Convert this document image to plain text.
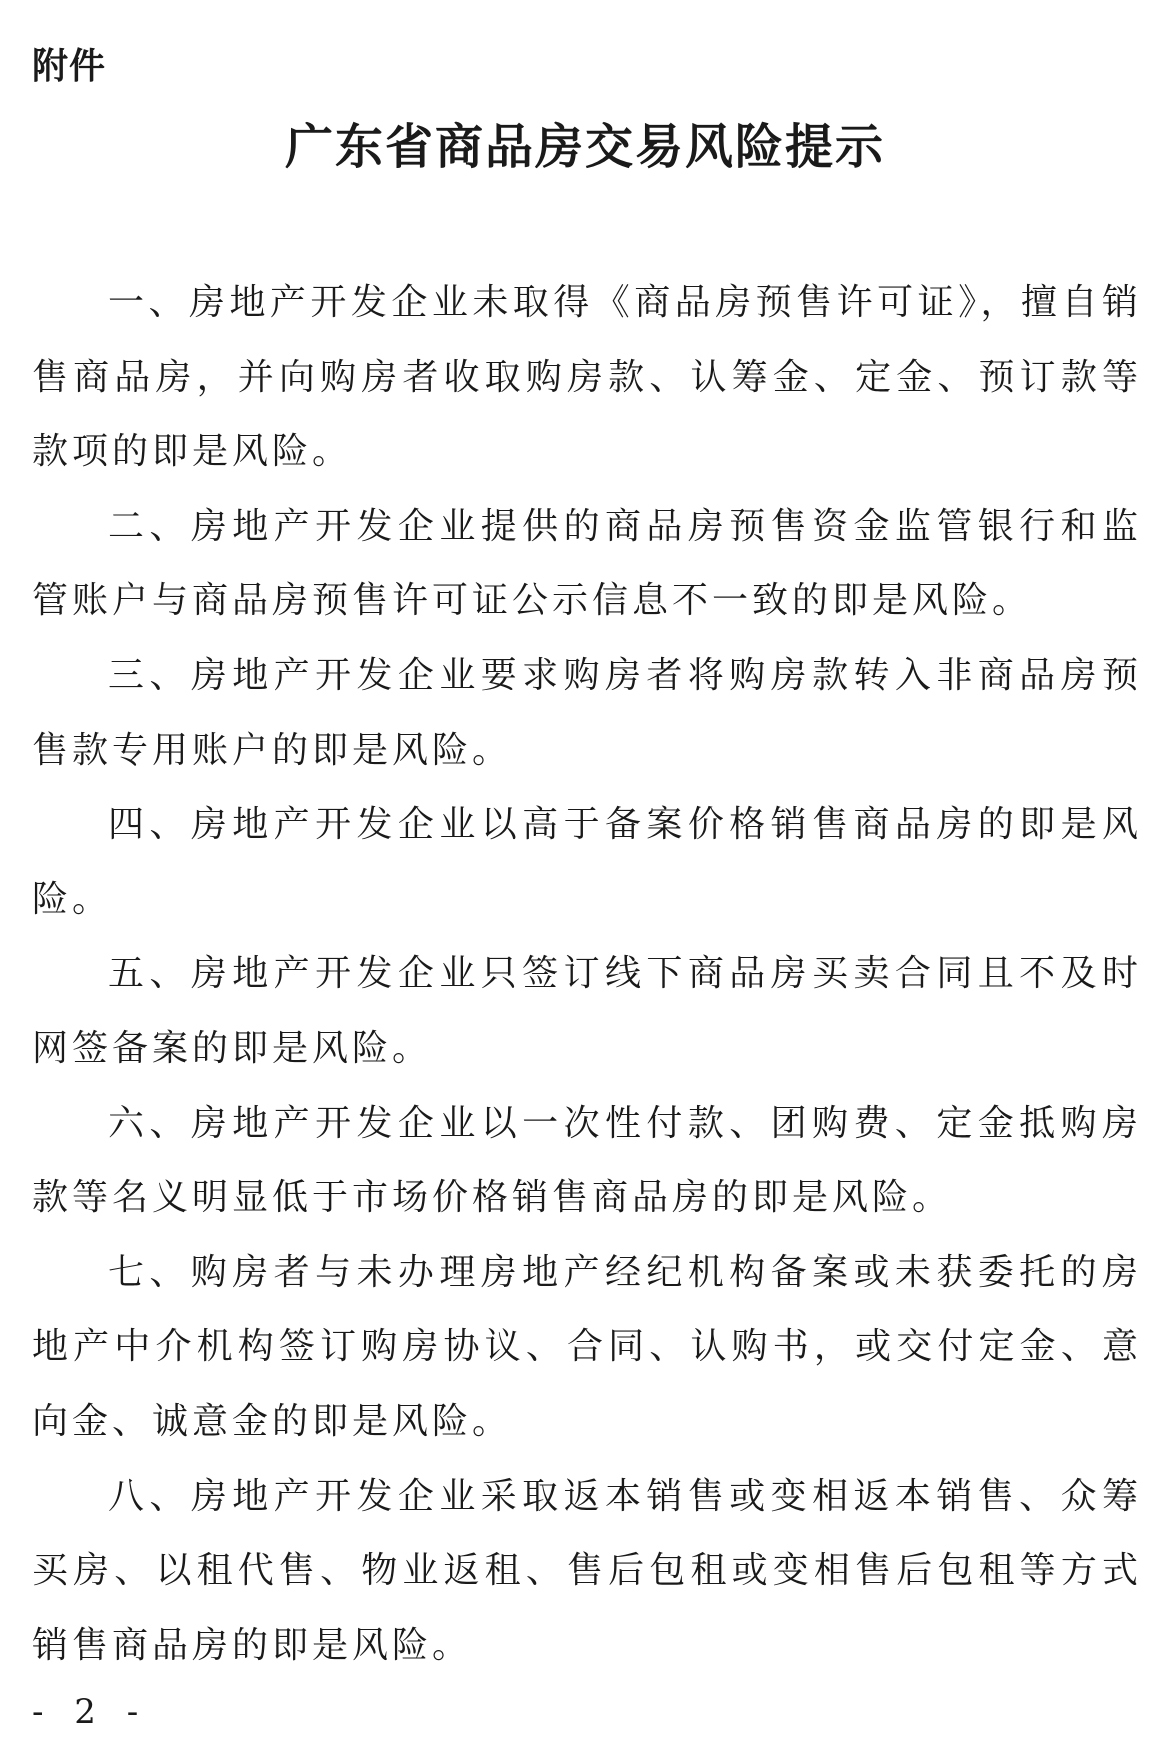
附件
广东省商品房交易风险提示

一、房地产开发企业未取得《商品房预售许可证》，擅自销售商品房，并向购房者收取购房款、认筹金、定金、预订款等款项的即是风险。

二、房地产开发企业提供的商品房预售资金监管银行和监管账户与商品房预售许可证公示信息不一致的即是风险。

三、房地产开发企业要求购房者将购房款转入非商品房预售款专用账户的即是风险。

四、房地产开发企业以高于备案价格销售商品房的即是风险。

五、房地产开发企业只签订线下商品房买卖合同且不及时网签备案的即是风险。

六、房地产开发企业以一次性付款、团购费、定金抵购房款等名义明显低于市场价格销售商品房的即是风险。

七、购房者与未办理房地产经纪机构备案或未获委托的房地产中介机构签订购房协议、合同、认购书，或交付定金、意向金、诚意金的即是风险。

八、房地产开发企业采取返本销售或变相返本销售、众筹买房、以租代售、物业返租、售后包租或变相售后包租等方式销售商品房的即是风险。

- 2 -
